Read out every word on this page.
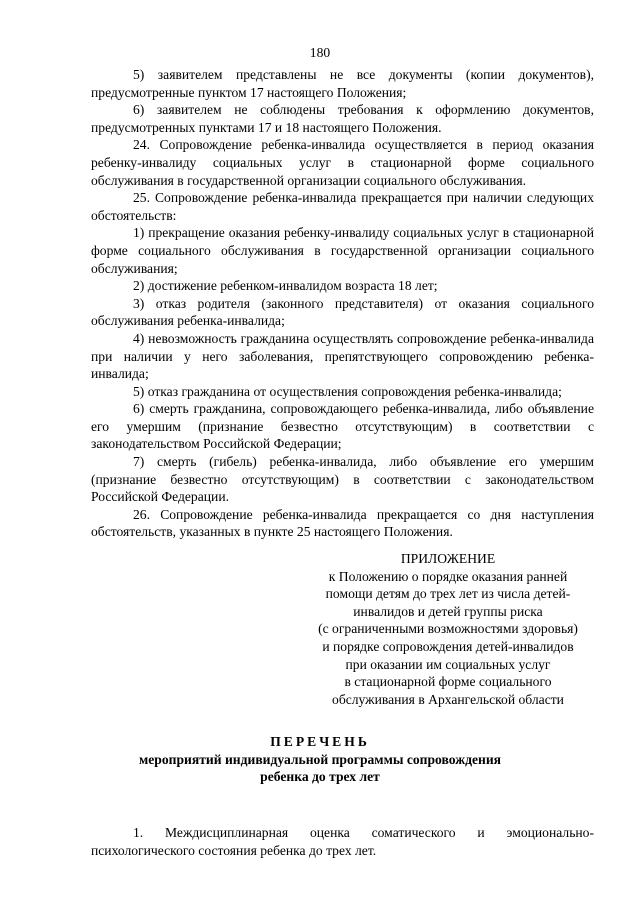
180

5) заявителем представлены не все документы (копии документов), предусмотренные пунктом 17 настоящего Положения;

6) заявителем не соблюдены требования к оформлению документов, предусмотренных пунктами 17 и 18 настоящего Положения.

24. Сопровождение ребенка-инвалида осуществляется в период оказания ребенку-инвалиду социальных услуг в стационарной форме социального обслуживания в государственной организации социального обслуживания.

25. Сопровождение ребенка-инвалида прекращается при наличии следующих обстоятельств:

1) прекращение оказания ребенку-инвалиду социальных услуг в стационарной форме социального обслуживания в государственной организации социального обслуживания;

2) достижение ребенком-инвалидом возраста 18 лет;

3) отказ родителя (законного представителя) от оказания социального обслуживания ребенка-инвалида;

4) невозможность гражданина осуществлять сопровождение ребенка-инвалида при наличии у него заболевания, препятствующего сопровождению ребенка-инвалида;

5) отказ гражданина от осуществления сопровождения ребенка-инвалида;

6) смерть гражданина, сопровождающего ребенка-инвалида, либо объявление его умершим (признание безвестно отсутствующим) в соответствии с законодательством Российской Федерации;

7) смерть (гибель) ребенка-инвалида, либо объявление его умершим (признание безвестно отсутствующим) в соответствии с законодательством Российской Федерации.

26. Сопровождение ребенка-инвалида прекращается со дня наступления обстоятельств, указанных в пункте 25 настоящего Положения.

ПРИЛОЖЕНИЕ
к Положению о порядке оказания ранней
помощи детям до трех лет из числа детей-
инвалидов и детей группы риска
(с ограниченными возможностями здоровья)
и порядке сопровождения детей-инвалидов
при оказании им социальных услуг
в стационарной форме социального
обслуживания в Архангельской области
ПЕРЕЧЕНЬ
мероприятий индивидуальной программы сопровождения
ребенка до трех лет

1. Междисциплинарная оценка соматического и эмоционально-психологического состояния ребенка до трех лет.
